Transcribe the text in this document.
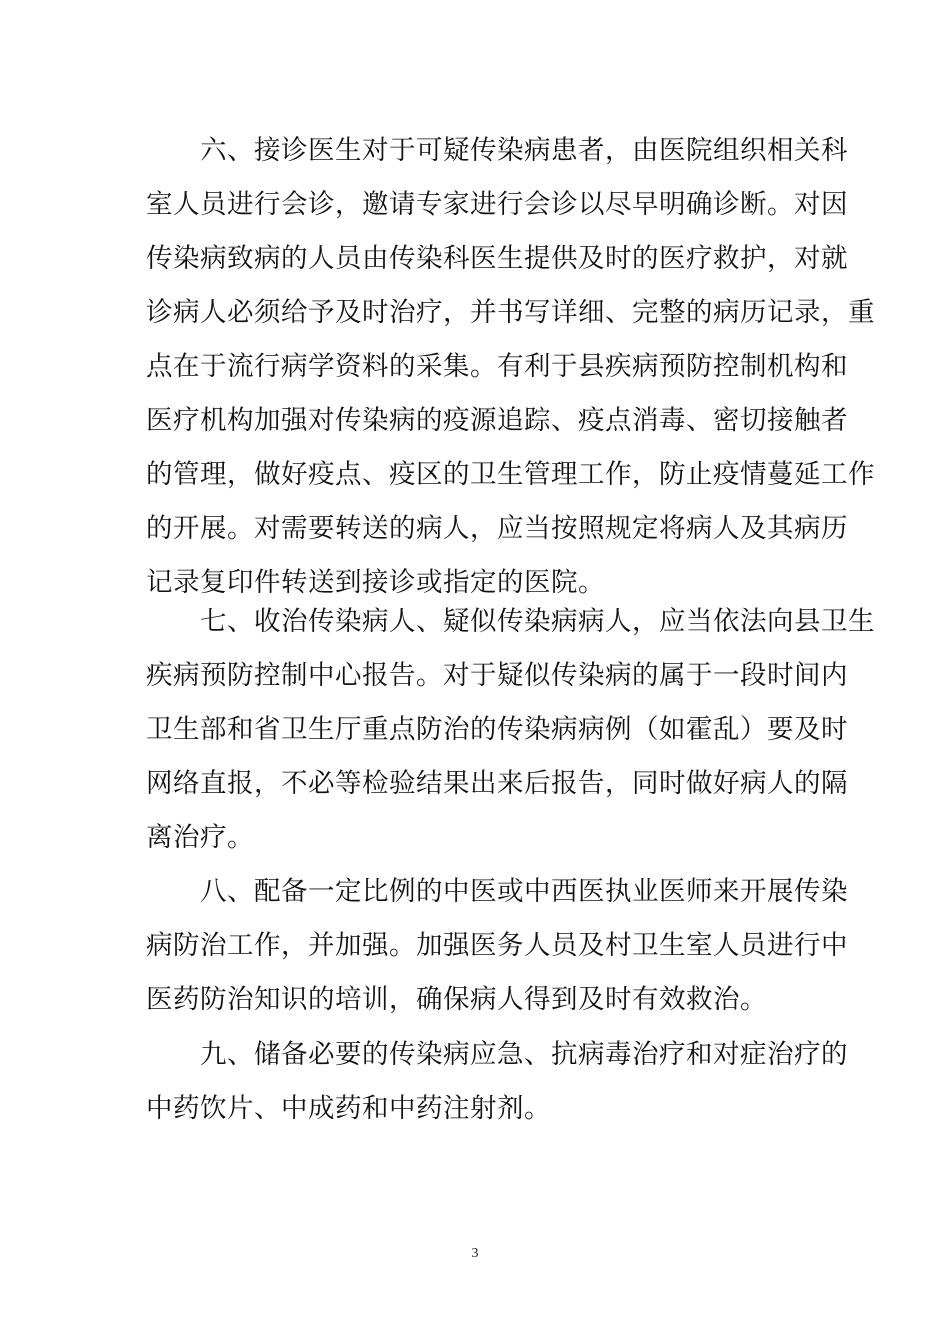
六、接诊医生对于可疑传染病患者，由医院组织相关科
室人员进行会诊，邀请专家进行会诊以尽早明确诊断。对因
传染病致病的人员由传染科医生提供及时的医疗救护，对就
诊病人必须给予及时治疗，并书写详细、完整的病历记录，重
点在于流行病学资料的采集。有利于县疾病预防控制机构和
医疗机构加强对传染病的疫源追踪、疫点消毒、密切接触者
的管理，做好疫点、疫区的卫生管理工作，防止疫情蔓延工作
的开展。对需要转送的病人，应当按照规定将病人及其病历
记录复印件转送到接诊或指定的医院。
七、收治传染病人、疑似传染病病人，应当依法向县卫生
疾病预防控制中心报告。对于疑似传染病的属于一段时间内
卫生部和省卫生厅重点防治的传染病病例（如霍乱）要及时
网络直报，不必等检验结果出来后报告，同时做好病人的隔
离治疗。
八、配备一定比例的中医或中西医执业医师来开展传染
病防治工作，并加强。加强医务人员及村卫生室人员进行中
医药防治知识的培训，确保病人得到及时有效救治。
九、储备必要的传染病应急、抗病毒治疗和对症治疗的
中药饮片、中成药和中药注射剂。
3
